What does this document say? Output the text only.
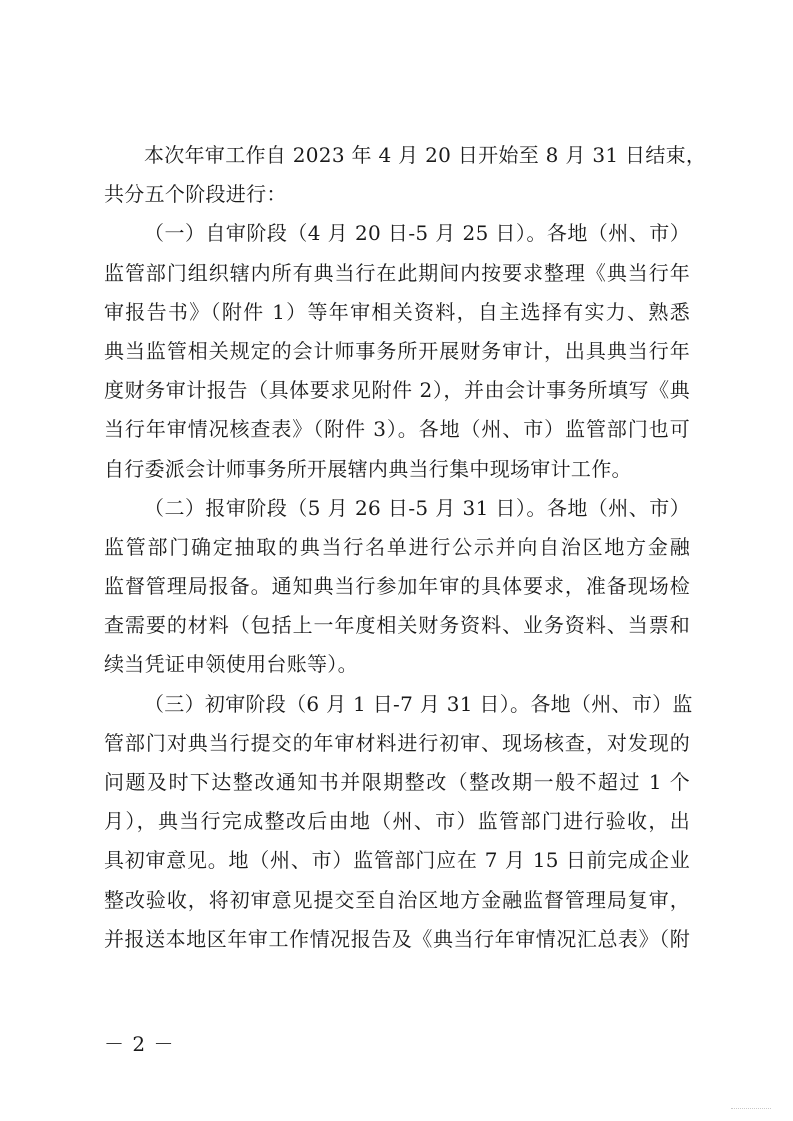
本次年审工作自 2023 年 4 月 20 日开始至 8 月 31 日结束，
共分五个阶段进行：
（一）自审阶段（4 月 20 日-5 月 25 日）。各地（州、市）
监管部门组织辖内所有典当行在此期间内按要求整理《典当行年
审报告书》（附件 1）等年审相关资料，自主选择有实力、熟悉
典当监管相关规定的会计师事务所开展财务审计，出具典当行年
度财务审计报告（具体要求见附件 2），并由会计事务所填写《典
当行年审情况核查表》（附件 3）。各地（州、市）监管部门也可
自行委派会计师事务所开展辖内典当行集中现场审计工作。
（二）报审阶段（5 月 26 日-5 月 31 日）。各地（州、市）
监管部门确定抽取的典当行名单进行公示并向自治区地方金融
监督管理局报备。通知典当行参加年审的具体要求，准备现场检
查需要的材料（包括上一年度相关财务资料、业务资料、当票和
续当凭证申领使用台账等）。
（三）初审阶段（6 月 1 日-7 月 31 日）。各地（州、市）监
管部门对典当行提交的年审材料进行初审、现场核查，对发现的
问题及时下达整改通知书并限期整改（整改期一般不超过 1 个
月），典当行完成整改后由地（州、市）监管部门进行验收，出
具初审意见。地（州、市）监管部门应在 7 月 15 日前完成企业
整改验收，将初审意见提交至自治区地方金融监督管理局复审，
并报送本地区年审工作情况报告及《典当行年审情况汇总表》（附
－ 2 －
